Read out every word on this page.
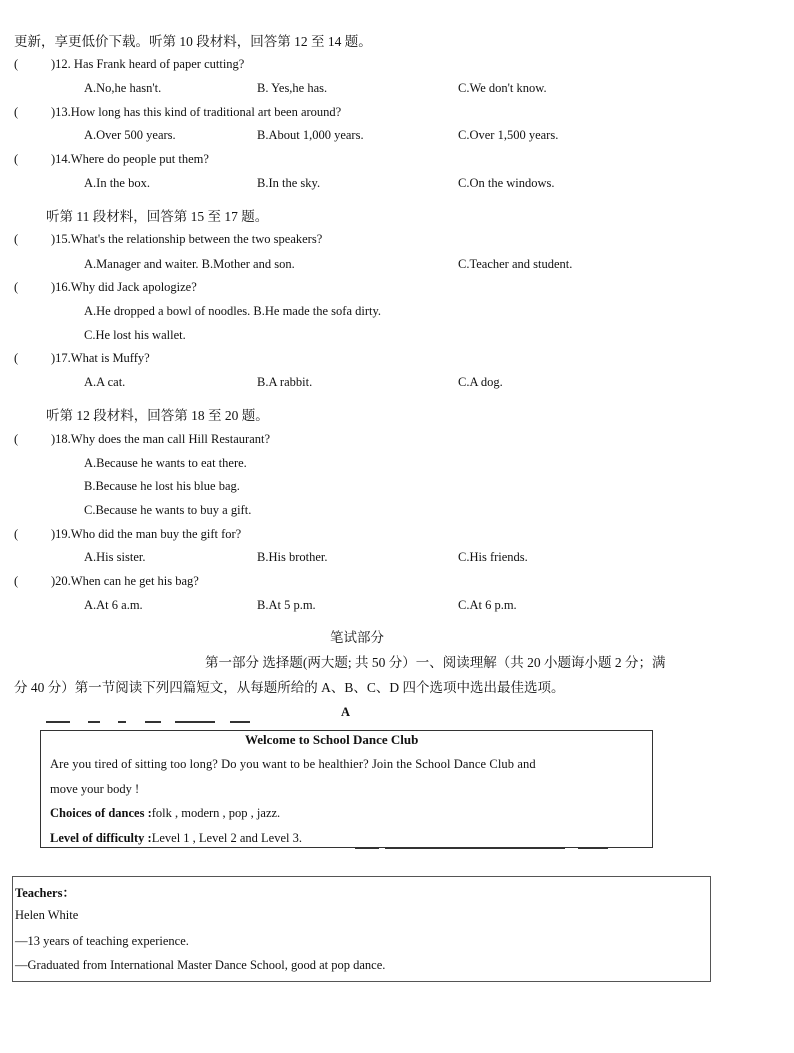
更新，享更低价下载。听第 10 段材料，回答第 12 至 14 题。
(	)12. Has Frank heard of paper cutting?
A.No,he hasn't.	B. Yes,he has.	C.We don't know.
(	)13.How long has this kind of traditional art been around?
A.Over 500 years.	B.About 1,000 years.	C.Over 1,500 years.
(	)14.Where do people put them?
A.In the box.	B.In the sky.	C.On the windows.
听第 11 段材料，回答第 15 至 17 题。
(	)15.What's the relationship between the two speakers?
A.Manager and waiter. B.Mother and son.	C.Teacher and student.
(	)16.Why did Jack apologize?
A.He dropped a bowl of noodles. B.He made the sofa dirty.
C.He lost his wallet.
(	)17.What is Muffy?
A.A cat.	B.A rabbit.	C.A dog.
听第 12 段材料，回答第 18 至 20 题。
(	)18.Why does the man call Hill Restaurant?
A.Because he wants to eat there.
B.Because he lost his blue bag.
C.Because he wants to buy a gift.
(	)19.Who did the man buy the gift for?
A.His sister.	B.His brother.	C.His friends.
(	)20.When can he get his bag?
A.At 6 a.m.	B.At 5 p.m.	C.At 6 p.m.
笔试部分
第一部分 选择题(两大题; 共 50 分）一、阅读理解（共 20 小题诲小题 2 分；满
分 40 分）第一节阅读下列四篇短文，从每题所给的 A、B、C、D 四个选项中选出最佳选项。
A
Welcome to School Dance Club
Are you tired of sitting too long? Do you want to be healthier? Join the School Dance Club and
move your body !
Choices of dances :folk , modern , pop , jazz.
Level of difficulty :Level 1 , Level 2 and Level 3.
Teachers：
Helen White
—13 years of teaching experience.
—Graduated from International Master Dance School, good at pop dance.
